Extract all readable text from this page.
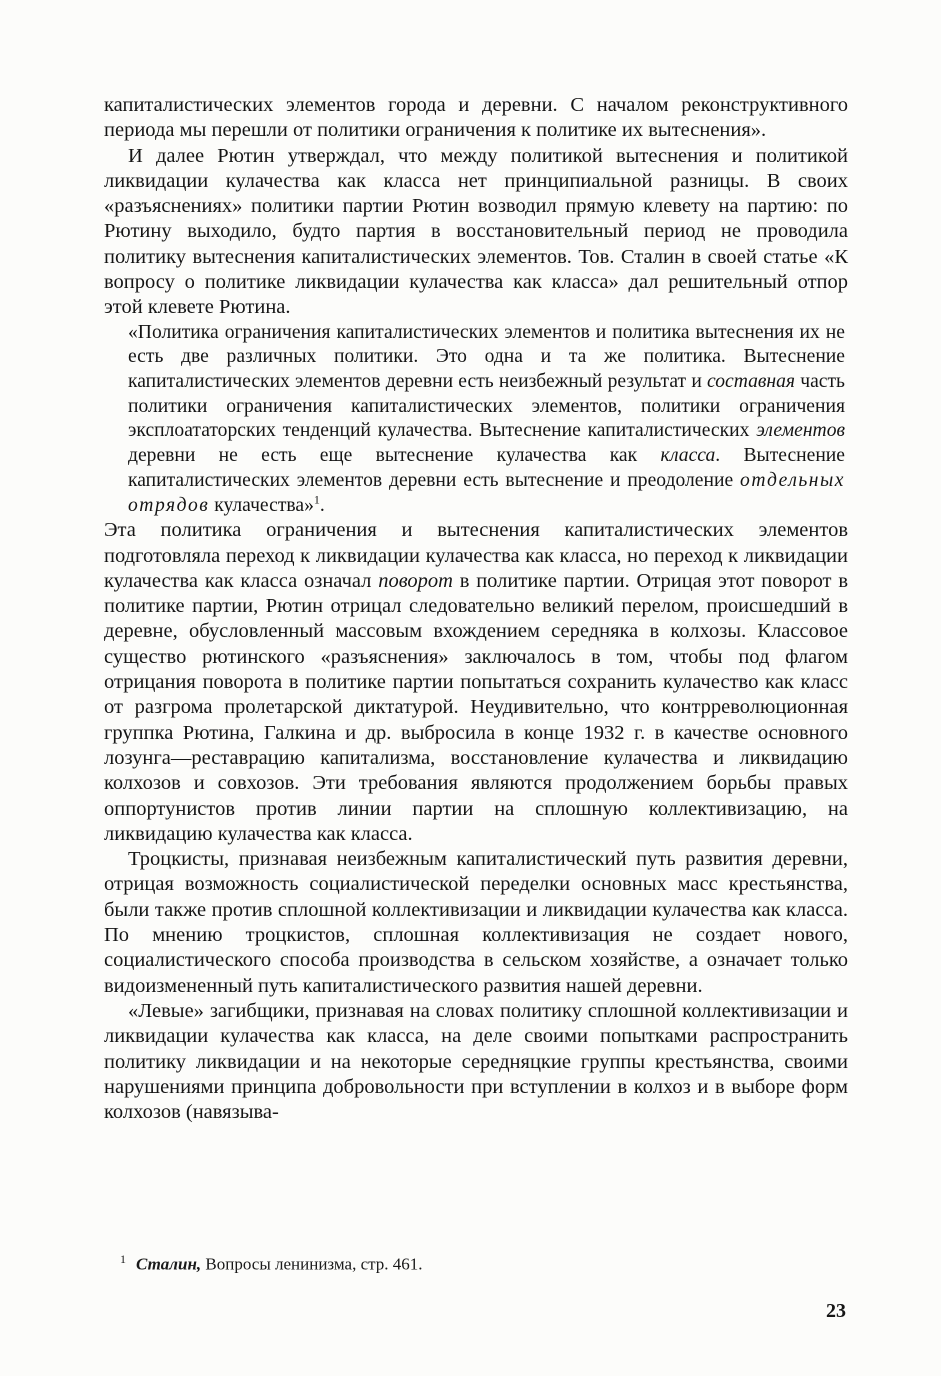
капиталистических элементов города и деревни. С началом реконструктивного периода мы перешли от политики ограничения к политике их вытеснения».

И далее Рютин утверждал, что между политикой вытеснения и политикой ликвидации кулачества как класса нет принципиальной разницы. В своих «разъяснениях» политики партии Рютин возводил прямую клевету на партию: по Рютину выходило, будто партия в восстановительный период не проводила политику вытеснения капиталистических элементов. Тов. Сталин в своей статье «К вопросу о политике ликвидации кулачества как класса» дал решительный отпор этой клевете Рютина.

«Политика ограничения капиталистических элементов и политика вытеснения их не есть две различных политики. Это одна и та же политика. Вытеснение капиталистических элементов деревни есть неизбежный результат и составная часть политики ограничения капиталистических элементов, политики ограничения эксплоататорских тенденций кулачества. Вытеснение капиталистических элементов деревни не есть еще вытеснение кулачества как класса. Вытеснение капиталистических элементов деревни есть вытеснение и преодоление отдельных отрядов кулачества»$^1$.

Эта политика ограничения и вытеснения капиталистических элементов подготовляла переход к ликвидации кулачества как класса, но переход к ликвидации кулачества как класса означал поворот в политике партии. Отрицая этот поворот в политике партии, Рютин отрицал следовательно великий перелом, происшедший в деревне, обусловленный массовым вхождением середняка в колхозы. Классовое существо рютинского «разъяснения» заключалось в том, чтобы под флагом отрицания поворота в политике партии попытаться сохранить кулачество как класс от разгрома пролетарской диктатурой. Неудивительно, что контрреволюционная группка Рютина, Галкина и др. выбросила в конце 1932 г. в качестве основного лозунга—реставрацию капитализма, восстановление кулачества и ликвидацию колхозов и совхозов. Эти требования являются продолжением борьбы правых оппортунистов против линии партии на сплошную коллективизацию, на ликвидацию кулачества как класса.

Троцкисты, признавая неизбежным капиталистический путь развития деревни, отрицая возможность социалистической переделки основных масс крестьянства, были также против сплошной коллективизации и ликвидации кулачества как класса. По мнению троцкистов, сплошная коллективизация не создает нового, социалистического способа производства в сельском хозяйстве, а означает только видоизмененный путь капиталистического развития нашей деревни.

«Левые» загибщики, признавая на словах политику сплошной коллективизации и ликвидации кулачества как класса, на деле своими попытками распространить политику ликвидации и на некоторые середняцкие группы крестьянства, своими нарушениями принципа добровольности при вступлении в колхоз и в выборе форм колхозов (навязыва-

$^1$ Сталин, Вопросы ленинизма, стр. 461.
23
